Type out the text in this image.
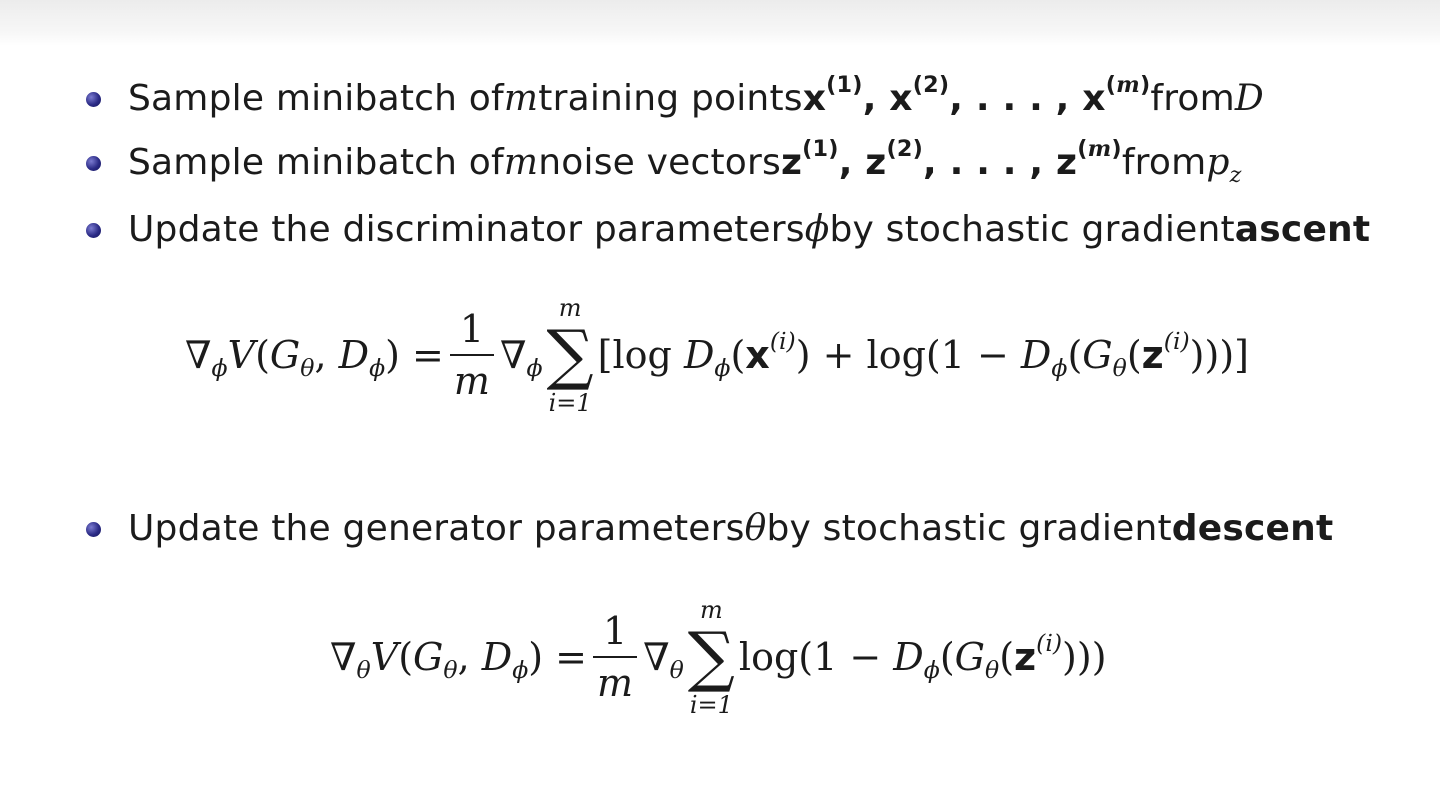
Sample minibatch of m training points $x^{(1)}$, $x^{(2)}$, . . . , $x^{(m)}$ from D
Sample minibatch of m noise vectors $z^{(1)}$, $z^{(2)}$, . . . , $z^{(m)}$ from $p_z$
Update the discriminator parameters ϕ by stochastic gradient ascent
$\nabla_\phi V(G_\theta$, $D_\phi) = \frac{1}{m} \nabla_\phi$
m
∑
i=1
[log $D_\phi(x^{(i)}) + \log(1 - D_\phi(G_\theta(z^{(i)})))$]
Update the generator parameters θ by stochastic gradient descent
$\nabla_\theta V(G_\theta$, $D_\phi) = \frac{1}{m} \nabla_\theta$
m
∑
i=1
$\log(1 - D_\phi(G_\theta(z^{(i)})))$
